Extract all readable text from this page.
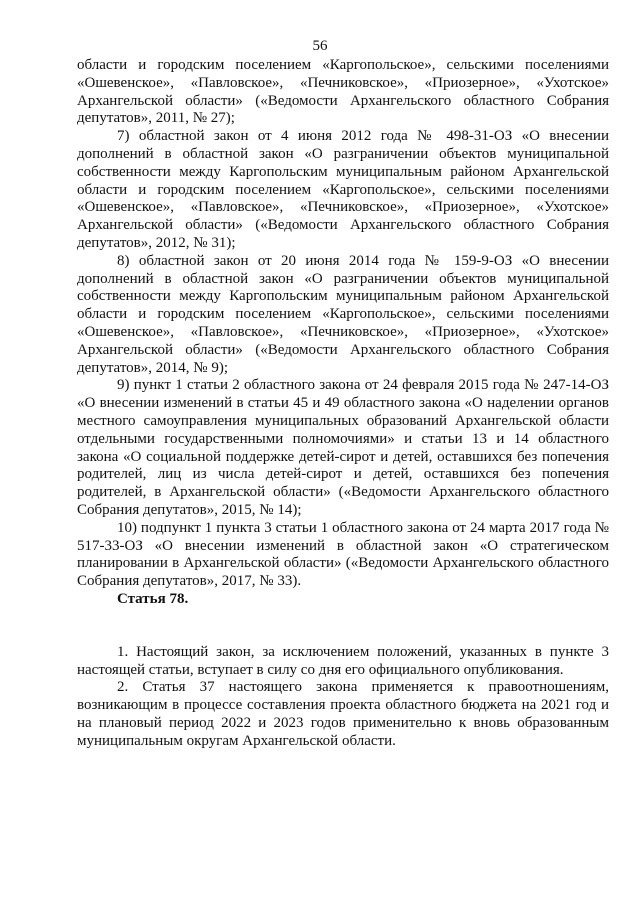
56

области и городским поселением «Каргопольское», сельскими поселениями «Ошевенское», «Павловское», «Печниковское», «Приозерное», «Ухотское» Архангельской области» («Ведомости Архангельского областного Собрания депутатов», 2011, № 27);

7) областной закон от 4 июня 2012 года № 498-31-ОЗ «О внесении дополнений в областной закон «О разграничении объектов муниципальной собственности между Каргопольским муниципальным районом Архангельской области и городским поселением «Каргопольское», сельскими поселениями «Ошевенское», «Павловское», «Печниковское», «Приозерное», «Ухотское» Архангельской области» («Ведомости Архангельского областного Собрания депутатов», 2012, № 31);

8) областной закон от 20 июня 2014 года № 159-9-ОЗ «О внесении дополнений в областной закон «О разграничении объектов муниципальной собственности между Каргопольским муниципальным районом Архангельской области и городским поселением «Каргопольское», сельскими поселениями «Ошевенское», «Павловское», «Печниковское», «Приозерное», «Ухотское» Архангельской области» («Ведомости Архангельского областного Собрания депутатов», 2014, № 9);

9) пункт 1 статьи 2 областного закона от 24 февраля 2015 года № 247-14-ОЗ «О внесении изменений в статьи 45 и 49 областного закона «О наделении органов местного самоуправления муниципальных образований Архангельской области отдельными государственными полномочиями» и статьи 13 и 14 областного закона «О социальной поддержке детей-сирот и детей, оставшихся без попечения родителей, лиц из числа детей-сирот и детей, оставшихся без попечения родителей, в Архангельской области» («Ведомости Архангельского областного Собрания депутатов», 2015, № 14);

10) подпункт 1 пункта 3 статьи 1 областного закона от 24 марта 2017 года № 517-33-ОЗ «О внесении изменений в областной закон «О стратегическом планировании в Архангельской области» («Ведомости Архангельского областного Собрания депутатов», 2017, № 33).

Статья 78.

1. Настоящий закон, за исключением положений, указанных в пункте 3 настоящей статьи, вступает в силу со дня его официального опубликования.

2. Статья 37 настоящего закона применяется к правоотношениям, возникающим в процессе составления проекта областного бюджета на 2021 год и на плановый период 2022 и 2023 годов применительно к вновь образованным муниципальным округам Архангельской области.
